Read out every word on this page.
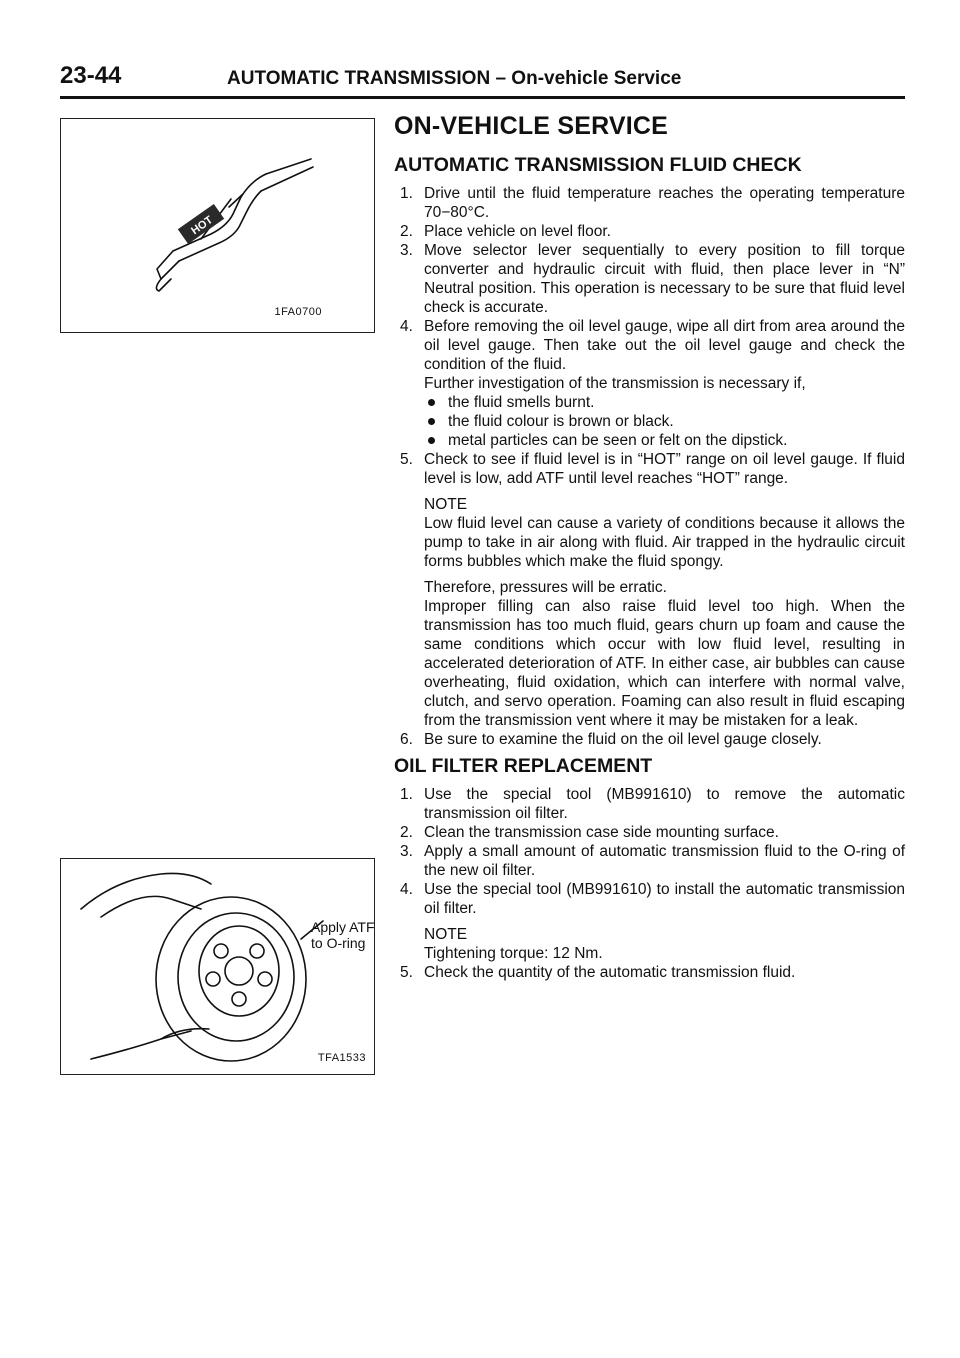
23-44	AUTOMATIC TRANSMISSION – On-vehicle Service
HOT
1FA0700
Apply ATF
to O-ring
TFA1533
ON-VEHICLE SERVICE
AUTOMATIC TRANSMISSION FLUID CHECK
1. Drive until the fluid temperature reaches the operating temperature 70−80°C.

2. Place vehicle on level floor.

3. Move selector lever sequentially to every position to fill torque converter and hydraulic circuit with fluid, then place lever in “N” Neutral position. This operation is necessary to be sure that fluid level check is accurate.

4. Before removing the oil level gauge, wipe all dirt from area around the oil level gauge. Then take out the oil level gauge and check the condition of the fluid.

Further investigation of the transmission is necessary if,

the fluid smells burnt.
the fluid colour is brown or black.
metal particles can be seen or felt on the dipstick.
5. Check to see if fluid level is in “HOT” range on oil level gauge. If fluid level is low, add ATF until level reaches “HOT” range.

NOTE

Low fluid level can cause a variety of conditions because it allows the pump to take in air along with fluid. Air trapped in the hydraulic circuit forms bubbles which make the fluid spongy.

Therefore, pressures will be erratic.

Improper filling can also raise fluid level too high. When the transmission has too much fluid, gears churn up foam and cause the same conditions which occur with low fluid level, resulting in accelerated deterioration of ATF. In either case, air bubbles can cause overheating, fluid oxidation, which can interfere with normal valve, clutch, and servo operation. Foaming can also result in fluid escaping from the transmission vent where it may be mistaken for a leak.

6. Be sure to examine the fluid on the oil level gauge closely.

OIL FILTER REPLACEMENT
1. Use the special tool (MB991610) to remove the automatic transmission oil filter.

2. Clean the transmission case side mounting surface.

3. Apply a small amount of automatic transmission fluid to the O-ring of the new oil filter.

4. Use the special tool (MB991610) to install the automatic transmission oil filter.

NOTE

Tightening torque: 12 Nm.

5. Check the quantity of the automatic transmission fluid.
